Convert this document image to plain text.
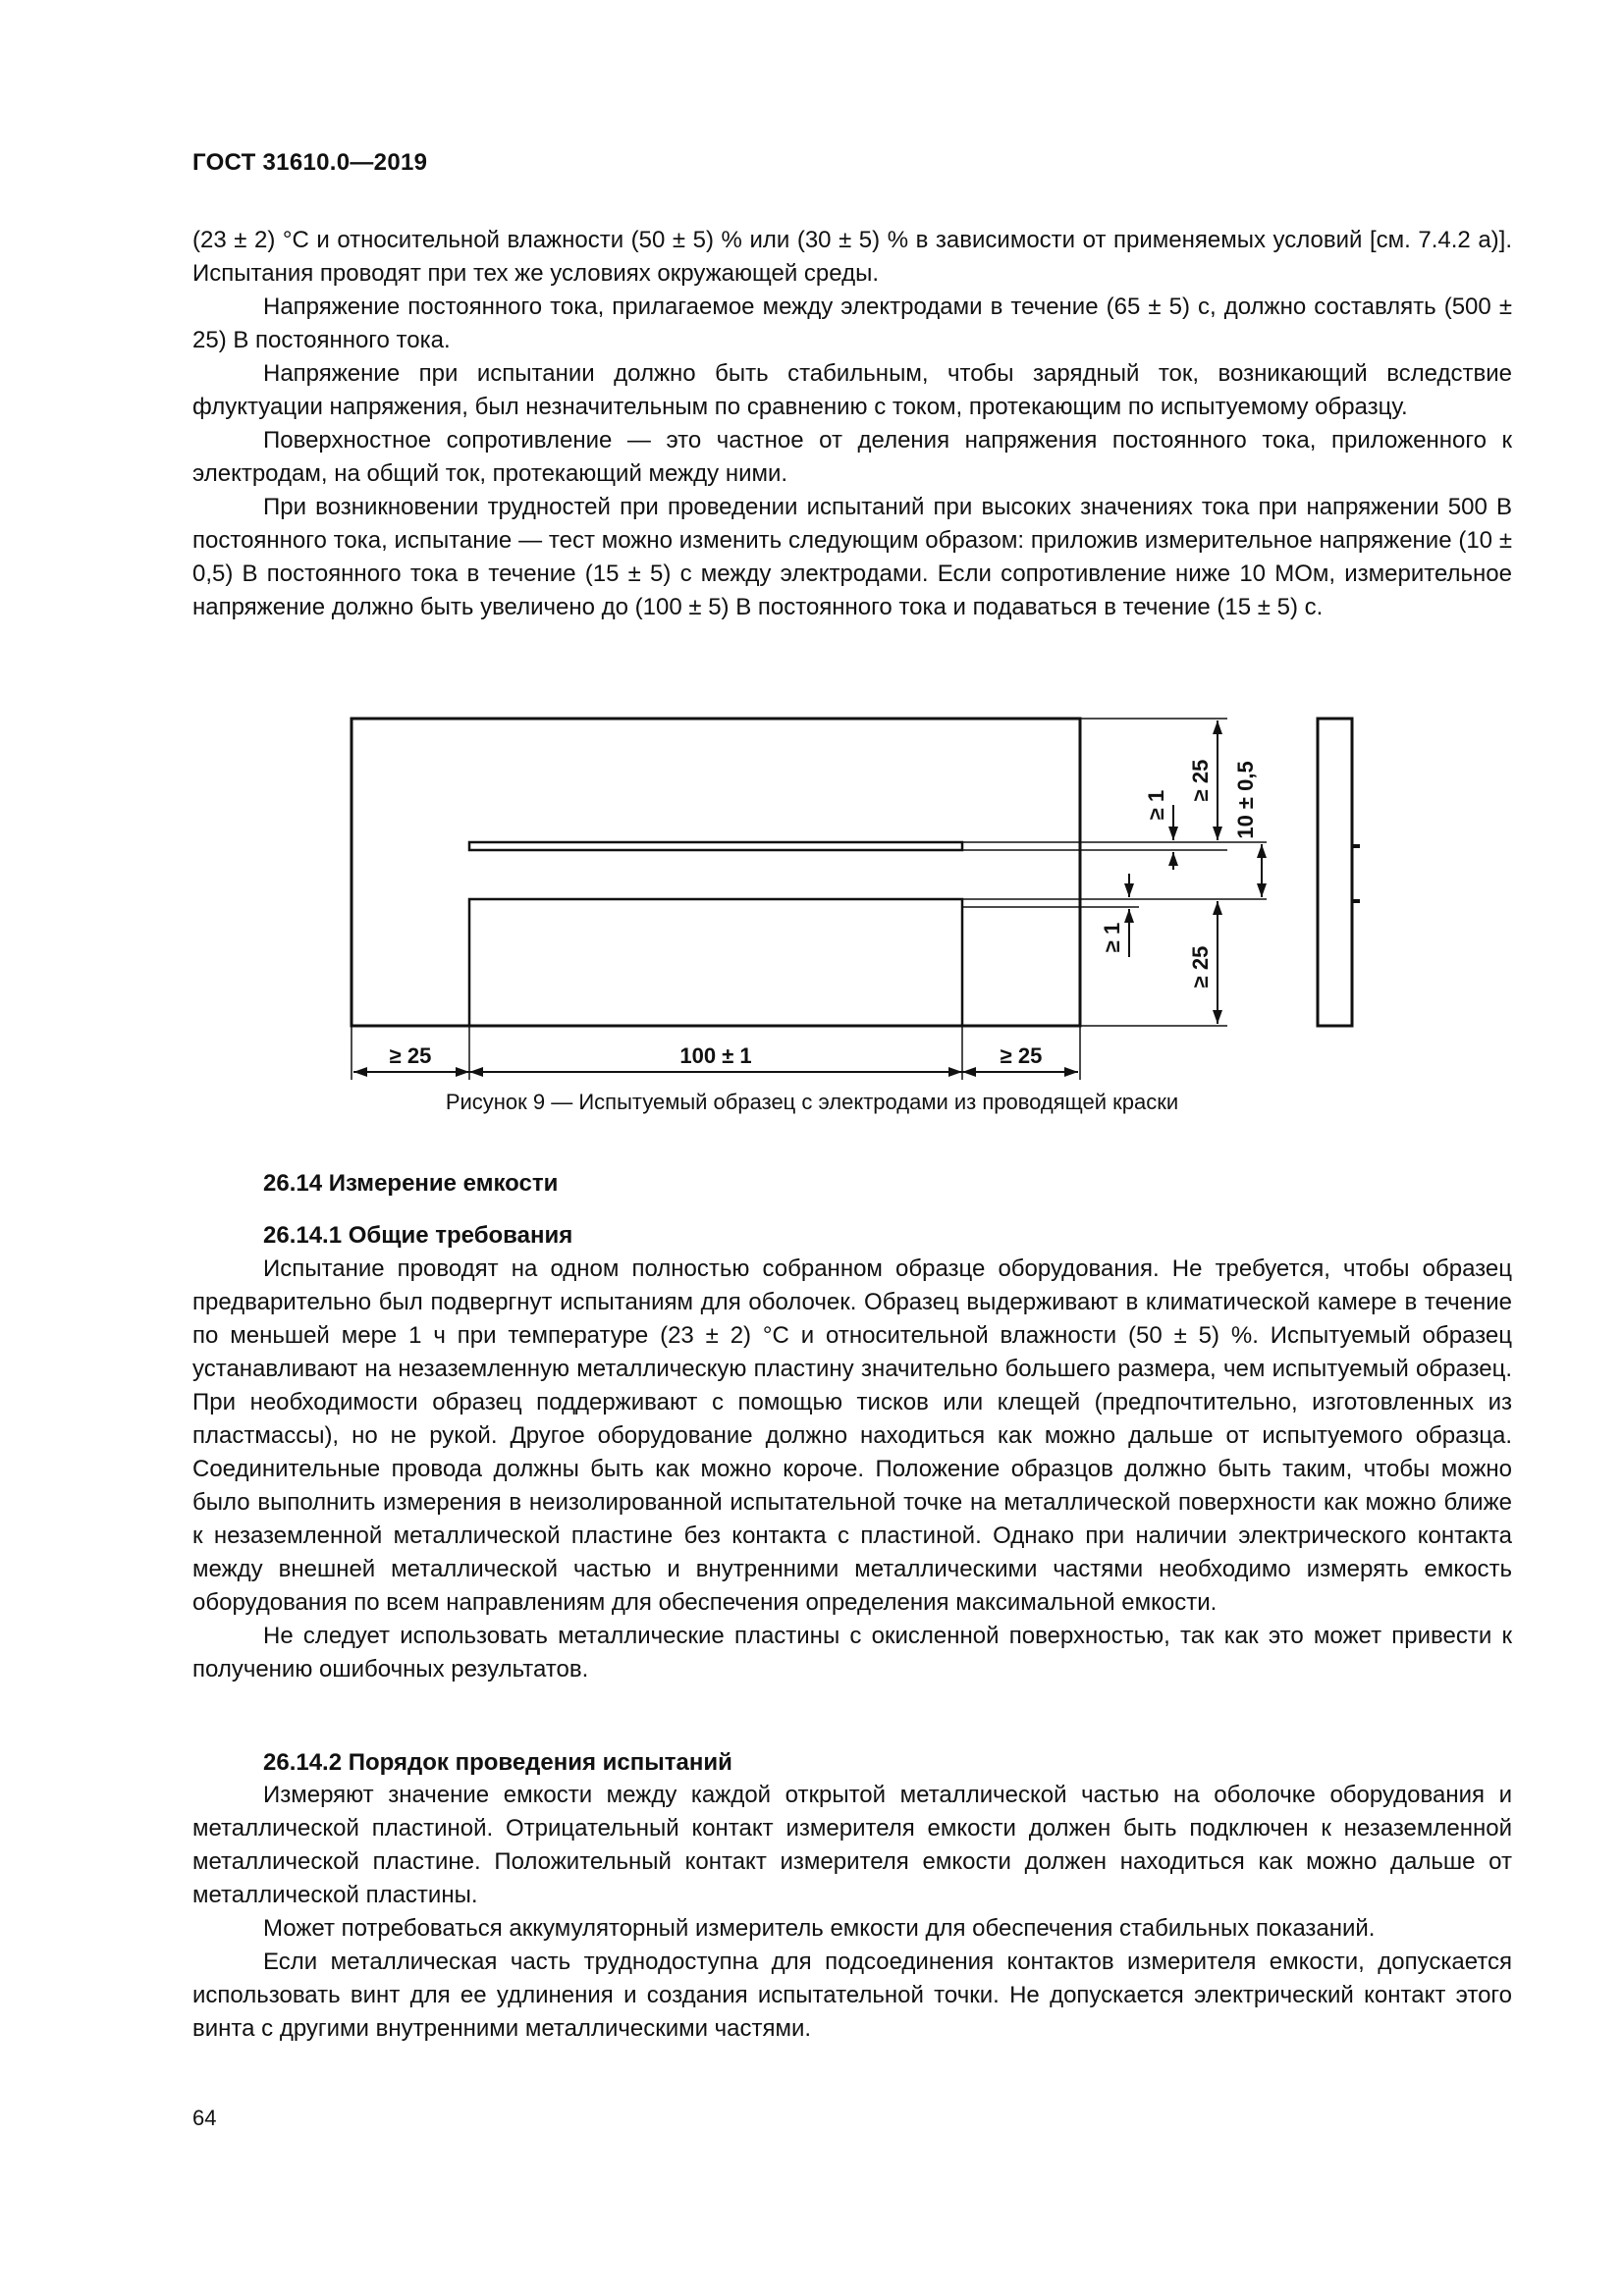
ГОСТ 31610.0—2019

(23 ± 2) °С и относительной влажности (50 ± 5) % или (30 ± 5) % в зависимости от применяемых условий [см. 7.4.2 а)]. Испытания проводят при тех же условиях окружающей среды.

Напряжение постоянного тока, прилагаемое между электродами в течение (65 ± 5) с, должно составлять (500 ± 25) В постоянного тока.

Напряжение при испытании должно быть стабильным, чтобы зарядный ток, возникающий вследствие флуктуации напряжения, был незначительным по сравнению с током, протекающим по испытуемому образцу.

Поверхностное сопротивление — это частное от деления напряжения постоянного тока, приложенного к электродам, на общий ток, протекающий между ними.

При возникновении трудностей при проведении испытаний при высоких значениях тока при напряжении 500 В постоянного тока, испытание — тест можно изменить следующим образом: приложив измерительное напряжение (10 ± 0,5) В постоянного тока в течение (15 ± 5) с между электродами. Если сопротивление ниже 10 МОм, измерительное напряжение должно быть увеличено до (100 ± 5) В постоянного тока и подаваться в течение (15 ± 5) с.

≥ 25	100 ± 1	≥ 25
≥ 25 10 ± 0,5
≥ 1
≥ 1
≥ 25
Рисунок 9 — Испытуемый образец с электродами из проводящей краски
26.14 Измерение емкости
26.14.1 Общие требования

Испытание проводят на одном полностью собранном образце оборудования. Не требуется, чтобы образец предварительно был подвергнут испытаниям для оболочек. Образец выдерживают в климатической камере в течение по меньшей мере 1 ч при температуре (23 ± 2) °С и относительной влажности (50 ± 5) %. Испытуемый образец устанавливают на незаземленную металлическую пластину значительно большего размера, чем испытуемый образец. При необходимости образец поддерживают с помощью тисков или клещей (предпочтительно, изготовленных из пластмассы), но не рукой. Другое оборудование должно находиться как можно дальше от испытуемого образца. Соединительные провода должны быть как можно короче. Положение образцов должно быть таким, чтобы можно было выполнить измерения в неизолированной испытательной точке на металлической поверхности как можно ближе к незаземленной металлической пластине без контакта с пластиной. Однако при наличии электрического контакта между внешней металлической частью и внутренними металлическими частями необходимо измерять емкость оборудования по всем направлениям для обеспечения определения максимальной емкости.

Не следует использовать металлические пластины с окисленной поверхностью, так как это может привести к получению ошибочных результатов.

26.14.2 Порядок проведения испытаний

Измеряют значение емкости между каждой открытой металлической частью на оболочке оборудования и металлической пластиной. Отрицательный контакт измерителя емкости должен быть подключен к незаземленной металлической пластине. Положительный контакт измерителя емкости должен находиться как можно дальше от металлической пластины.

Может потребоваться аккумуляторный измеритель емкости для обеспечения стабильных показаний.

Если металлическая часть труднодоступна для подсоединения контактов измерителя емкости, допускается использовать винт для ее удлинения и создания испытательной точки. Не допускается электрический контакт этого винта с другими внутренними металлическими частями.

64
